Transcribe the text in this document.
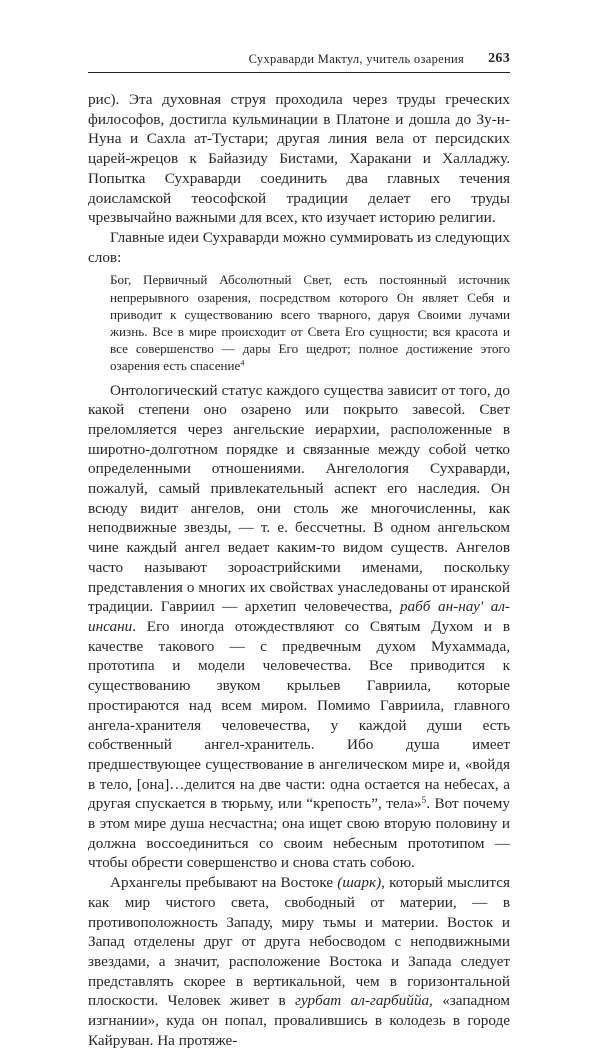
Сухраварди Мактул, учитель озарения 263

рис). Эта духовная струя проходила через труды греческих философов, достигла кульминации в Платоне и дошла до Зу-н-Нуна и Сахла ат-Тустари; другая линия вела от персидских царей-жрецов к Байазиду Бистами, Харакани и Халладжу. Попытка Сухраварди соединить два главных течения доисламской теософской традиции делает его труды чрезвычайно важными для всех, кто изучает историю религии.

Главные идеи Сухраварди можно суммировать из следующих слов:

Бог, Первичный Абсолютный Свет, есть постоянный источник непрерывного озарения, посредством которого Он являет Себя и приводит к существованию всего тварного, даруя Своими лучами жизнь. Все в мире происходит от Света Его сущности; вся красота и все совершенство — дары Его щедрот; полное достижение этого озарения есть спасение$^4$

Онтологический статус каждого существа зависит от того, до какой степени оно озарено или покрыто завесой. Свет преломляется через ангельские иерархии, расположенные в широтно-долготном порядке и связанные между собой четко определенными отношениями. Ангелология Сухраварди, пожалуй, самый привлекательный аспект его наследия. Он всюду видит ангелов, они столь же многочисленны, как неподвижные звезды, — т. е. бессчетны. В одном ангельском чине каждый ангел ведает каким-то видом существ. Ангелов часто называют зороастрийскими именами, поскольку представления о многих их свойствах унаследованы от иранской традиции. Гавриил — архетип человечества, рабб ан-нау' ал-инсани. Его иногда отождествляют со Святым Духом и в качестве такового — с предвечным духом Мухаммада, прототипа и модели человечества. Все приводится к существованию звуком крыльев Гавриила, которые простираются над всем миром. Помимо Гавриила, главного ангела-хранителя человечества, у каждой души есть собственный ангел-хранитель. Ибо душа имеет предшествующее существование в ангелическом мире и, «войдя в тело, [она]…делится на две части: одна остается на небесах, а другая спускается в тюрьму, или “крепость”, тела»$^5$. Вот почему в этом мире душа несчастна; она ищет свою вторую половину и должна воссоединиться со своим небесным прототипом — чтобы обрести совершенство и снова стать собою.

Архангелы пребывают на Востоке (шарк), который мыслится как мир чистого света, свободный от материи, — в противоположность Западу, миру тьмы и материи. Восток и Запад отделены друг от друга небосводом с неподвижными звездами, а значит, расположение Востока и Запада следует представлять скорее в вертикальной, чем в горизонтальной плоскости. Человек живет в гурбат ал-гарбиййа, «западном изгнании», куда он попал, провалившись в колодезь в городе Кайруван. На протяже-
